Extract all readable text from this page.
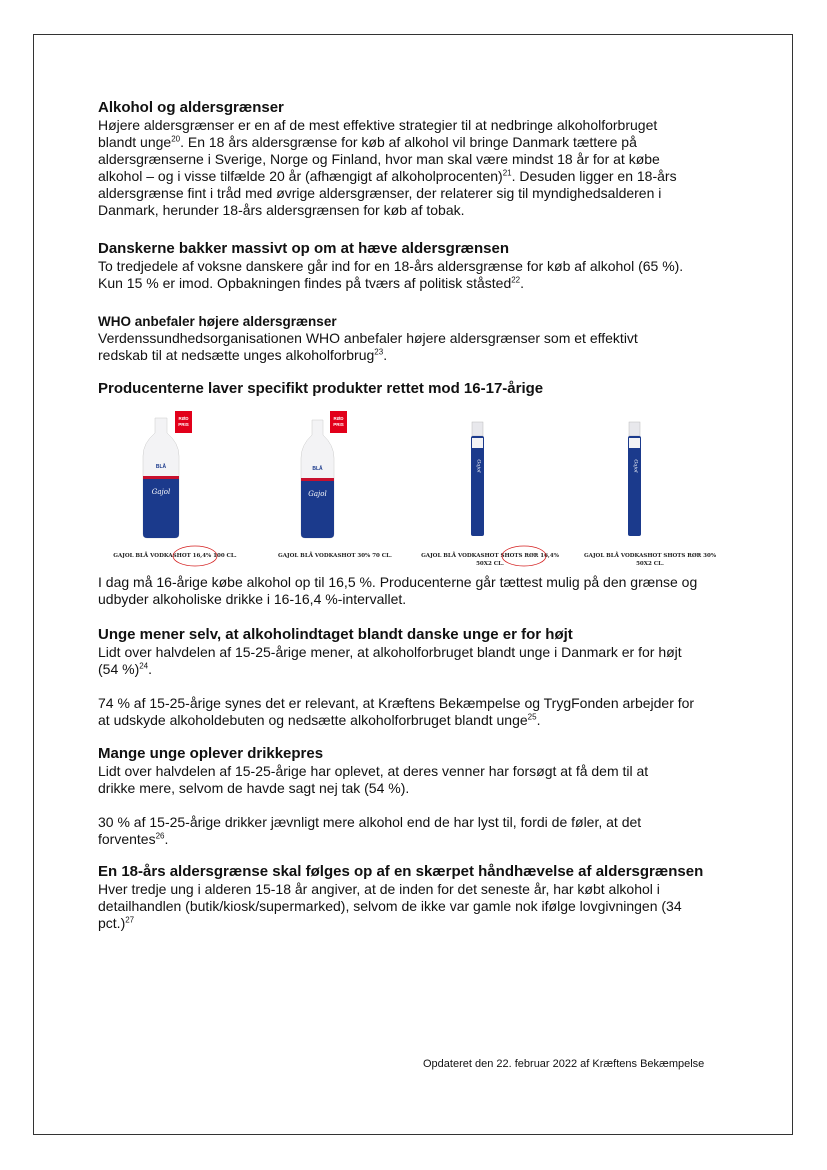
Alkohol og aldersgrænser

Højere aldersgrænser er en af de mest effektive strategier til at nedbringe alkoholforbruget
blandt unge$^{20}$. En 18 års aldersgrænse for køb af alkohol vil bringe Danmark tættere på
aldersgrænserne i Sverige, Norge og Finland, hvor man skal være mindst 18 år for at købe
alkohol – og i visse tilfælde 20 år (afhængigt af alkoholprocenten)$^{21}$. Desuden ligger en 18-års
aldersgrænse fint i tråd med øvrige aldersgrænser, der relaterer sig til myndighedsalderen i
Danmark, herunder 18-års aldersgrænsen for køb af tobak.

Danskerne bakker massivt op om at hæve aldersgrænsen

To tredjedele af voksne danskere går ind for en 18-års aldersgrænse for køb af alkohol (65 %).
Kun 15 % er imod. Opbakningen findes på tværs af politisk ståsted$^{22}$.

WHO anbefaler højere aldersgrænser

Verdenssundhedsorganisationen WHO anbefaler højere aldersgrænser som et effektivt
redskab til at nedsætte unges alkoholforbrug$^{23}$.

Producenterne laver specifikt produkter rettet mod 16-17-årige

I dag må 16-årige købe alkohol op til 16,5 %. Producenterne går tættest mulig på den grænse og
udbyder alkoholiske drikke i 16-16,4 %-intervallet.

Unge mener selv, at alkoholindtaget blandt danske unge er for højt

Lidt over halvdelen af 15-25-årige mener, at alkoholforbruget blandt unge i Danmark er for højt
(54 %)$^{24}$.

74 % af 15-25-årige synes det er relevant, at Kræftens Bekæmpelse og TrygFonden arbejder for
at udskyde alkoholdebuten og nedsætte alkoholforbruget blandt unge$^{25}$.

Mange unge oplever drikkepres

Lidt over halvdelen af 15-25-årige har oplevet, at deres venner har forsøgt at få dem til at
drikke mere, selvom de havde sagt nej tak (54 %).

30 % af 15-25-årige drikker jævnligt mere alkohol end de har lyst til, fordi de føler, at det
forventes$^{26}$.

En 18-års aldersgrænse skal følges op af en skærpet håndhævelse af aldersgrænsen

Hver tredje ung i alderen 15-18 år angiver, at de inden for det seneste år, har købt alkohol i
detailhandlen (butik/kiosk/supermarked), selvom de ikke var gamle nok ifølge lovgivningen (34
pct.)$^{27}$

RØD
PRIS
BLÅ
Gajol
GAJOL BLÅ VODKASHOT 16,4% 100 CL.
RØD
PRIS
BLÅ
Gajol
GAJOL BLÅ VODKASHOT 30% 70 CL.
Gajol
GAJOL BLÅ VODKASHOT SHOTS RØR 16,4%
50X2 CL.
Gajol
GAJOL BLÅ VODKASHOT SHOTS RØR 30%
50X2 CL.
Opdateret den 22. februar 2022 af Kræftens Bekæmpelse
